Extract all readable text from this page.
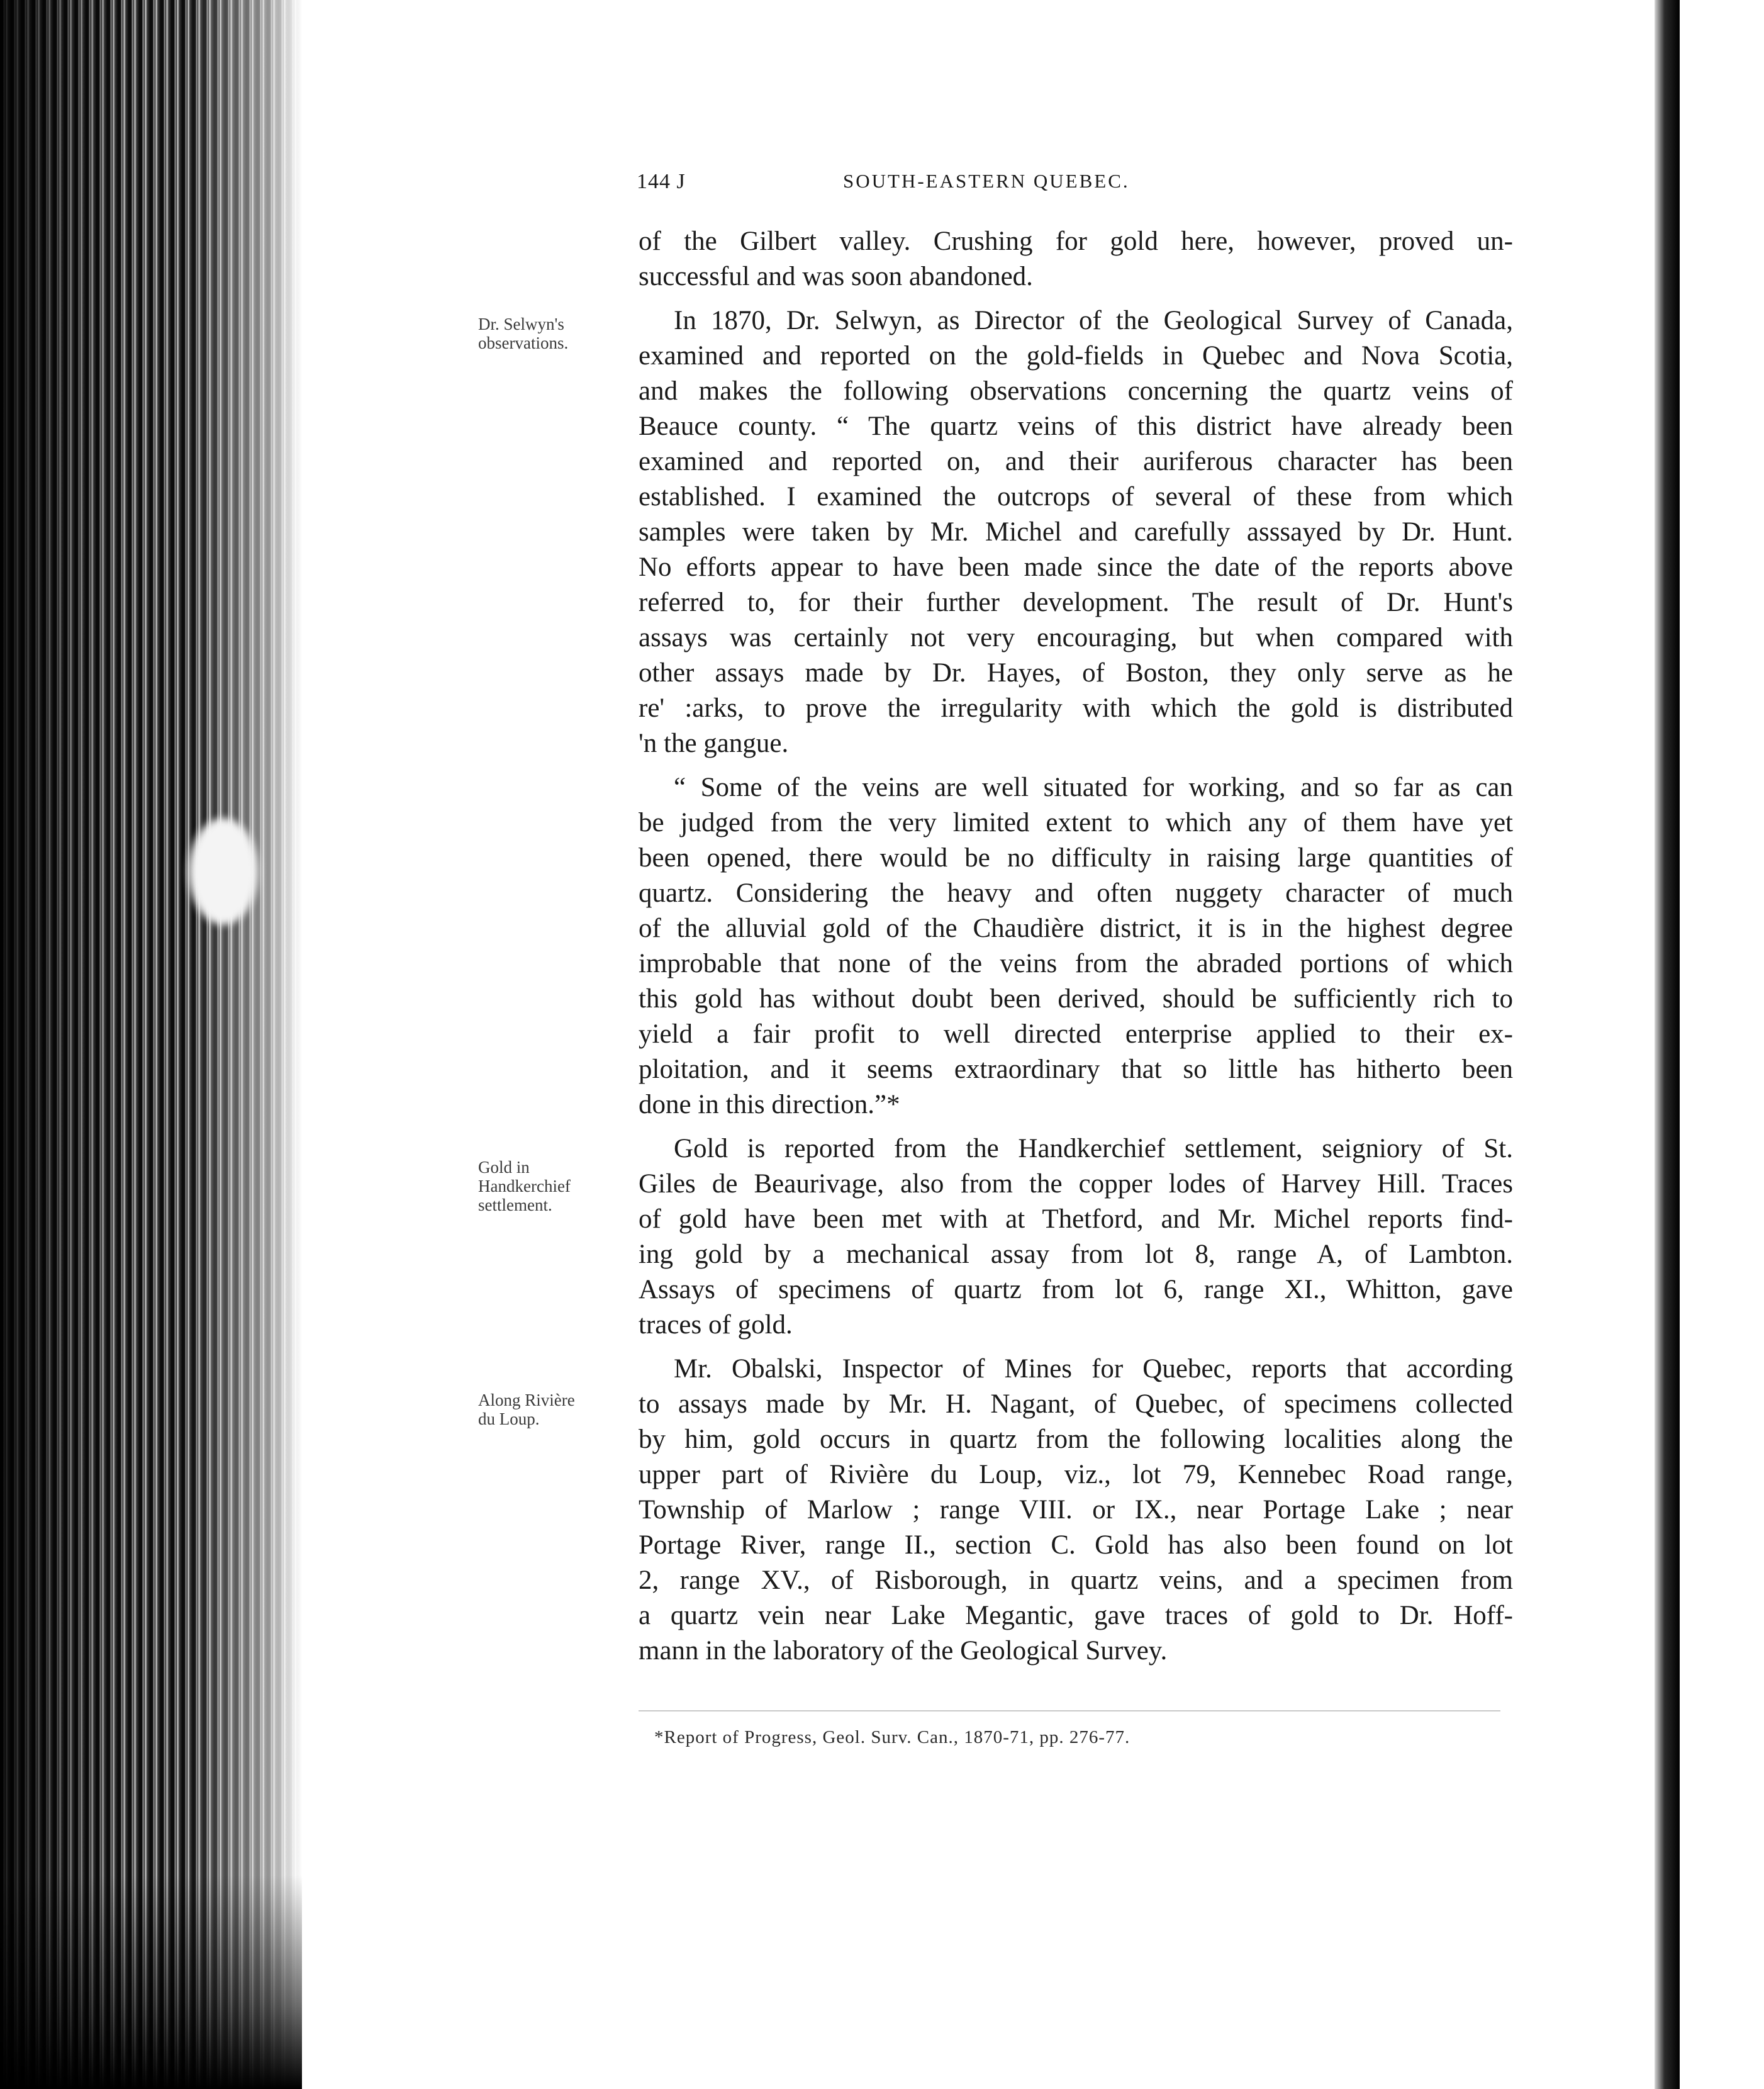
144 J	SOUTH-EASTERN QUEBEC.
Dr. Selwyn's
observations.
Gold in
Handkerchief
settlement.
Along Rivière
du Loup.
of the Gilbert valley. Crushing for gold here, however, proved un-
successful and was soon abandoned.
In 1870, Dr. Selwyn, as Director of the Geological Survey of Canada,
examined and reported on the gold-fields in Quebec and Nova Scotia,
and makes the following observations concerning the quartz veins of
Beauce county. “ The quartz veins of this district have already been
examined and reported on, and their auriferous character has been
established. I examined the outcrops of several of these from which
samples were taken by Mr. Michel and carefully asssayed by Dr. Hunt.
No efforts appear to have been made since the date of the reports above
referred to, for their further development. The result of Dr. Hunt's
assays was certainly not very encouraging, but when compared with
other assays made by Dr. Hayes, of Boston, they only serve as he
re' :arks, to prove the irregularity with which the gold is distributed
'n the gangue.
“ Some of the veins are well situated for working, and so far as can
be judged from the very limited extent to which any of them have yet
been opened, there would be no difficulty in raising large quantities of
quartz. Considering the heavy and often nuggety character of much
of the alluvial gold of the Chaudière district, it is in the highest degree
improbable that none of the veins from the abraded portions of which
this gold has without doubt been derived, should be sufficiently rich to
yield a fair profit to well directed enterprise applied to their ex-
ploitation, and it seems extraordinary that so little has hitherto been
done in this direction.”*
Gold is reported from the Handkerchief settlement, seigniory of St.
Giles de Beaurivage, also from the copper lodes of Harvey Hill. Traces
of gold have been met with at Thetford, and Mr. Michel reports find-
ing gold by a mechanical assay from lot 8, range A, of Lambton.
Assays of specimens of quartz from lot 6, range XI., Whitton, gave
traces of gold.
Mr. Obalski, Inspector of Mines for Quebec, reports that according
to assays made by Mr. H. Nagant, of Quebec, of specimens collected
by him, gold occurs in quartz from the following localities along the
upper part of Rivière du Loup, viz., lot 79, Kennebec Road range,
Township of Marlow ; range VIII. or IX., near Portage Lake ; near
Portage River, range II., section C. Gold has also been found on lot
2, range XV., of Risborough, in quartz veins, and a specimen from
a quartz vein near Lake Megantic, gave traces of gold to Dr. Hoff-
mann in the laboratory of the Geological Survey.
*Report of Progress, Geol. Surv. Can., 1870-71, pp. 276-77.
